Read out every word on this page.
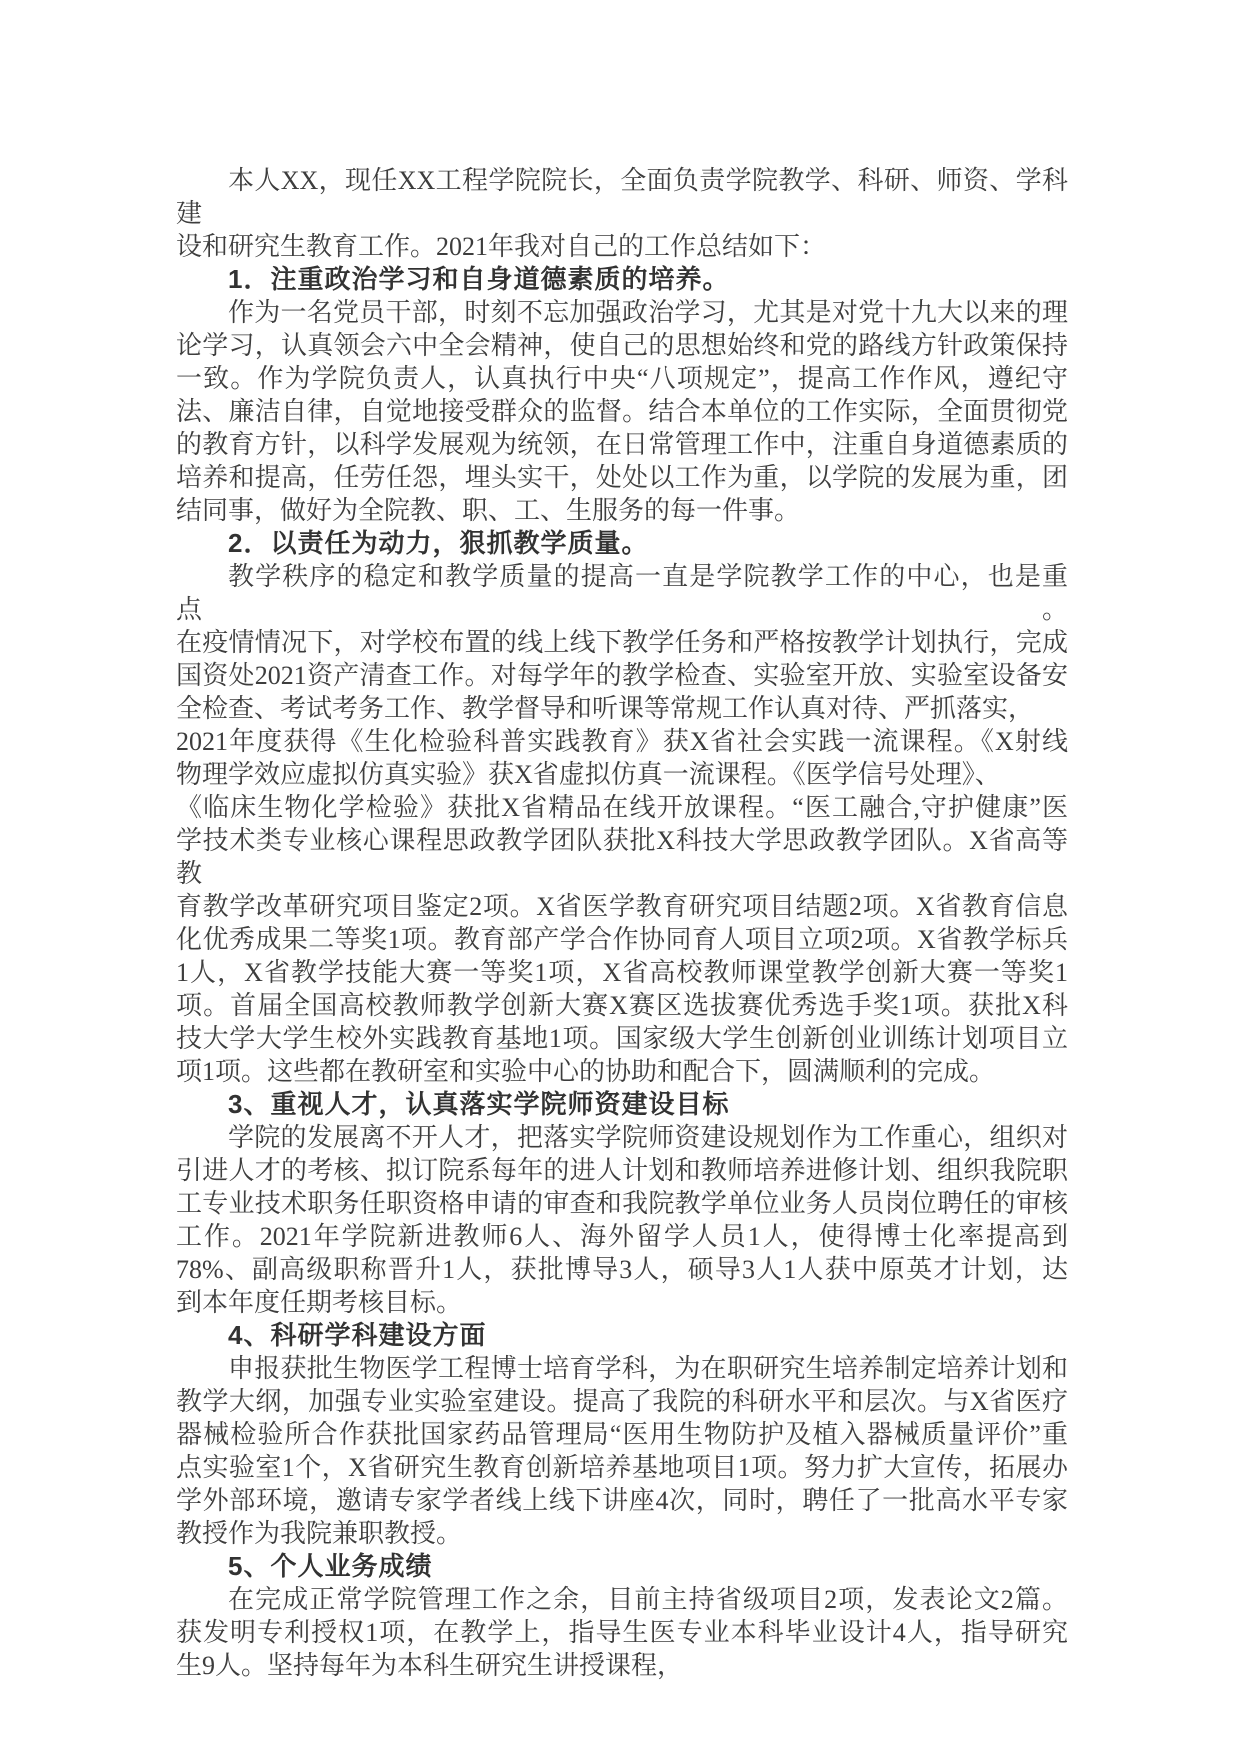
本人XX，现任XX工程学院院长，全面负责学院教学、科研、师资、学科建
设和研究生教育工作。2021年我对自己的工作总结如下：
1．注重政治学习和自身道德素质的培养。
作为一名党员干部，时刻不忘加强政治学习，尤其是对党十九大以来的理
论学习，认真领会六中全会精神，使自己的思想始终和党的路线方针政策保持
一致。作为学院负责人，认真执行中央“八项规定”，提高工作作风，遵纪守
法、廉洁自律，自觉地接受群众的监督。结合本单位的工作实际，全面贯彻党
的教育方针，以科学发展观为统领，在日常管理工作中，注重自身道德素质的
培养和提高，任劳任怨，埋头实干，处处以工作为重，以学院的发展为重，团
结同事，做好为全院教、职、工、生服务的每一件事。
2．以责任为动力，狠抓教学质量。
教学秩序的稳定和教学质量的提高一直是学院教学工作的中心，也是重点。
在疫情情况下，对学校布置的线上线下教学任务和严格按教学计划执行，完成
国资处2021资产清查工作。对每学年的教学检查、实验室开放、实验室设备安
全检查、考试考务工作、教学督导和听课等常规工作认真对待、严抓落实，
2021年度获得《生化检验科普实践教育》获X省社会实践一流课程。《X射线
物理学效应虚拟仿真实验》获X省虚拟仿真一流课程。《医学信号处理》、
《临床生物化学检验》获批X省精品在线开放课程。“医工融合,守护健康”医
学技术类专业核心课程思政教学团队获批X科技大学思政教学团队。X省高等教
育教学改革研究项目鉴定2项。X省医学教育研究项目结题2项。X省教育信息
化优秀成果二等奖1项。教育部产学合作协同育人项目立项2项。X省教学标兵
1人，X省教学技能大赛一等奖1项，X省高校教师课堂教学创新大赛一等奖1
项。首届全国高校教师教学创新大赛X赛区选拔赛优秀选手奖1项。获批X科
技大学大学生校外实践教育基地1项。国家级大学生创新创业训练计划项目立
项1项。这些都在教研室和实验中心的协助和配合下，圆满顺利的完成。
3、重视人才，认真落实学院师资建设目标
学院的发展离不开人才，把落实学院师资建设规划作为工作重心，组织对
引进人才的考核、拟订院系每年的进人计划和教师培养进修计划、组织我院职
工专业技术职务任职资格申请的审查和我院教学单位业务人员岗位聘任的审核
工作。2021年学院新进教师6人、海外留学人员1人，使得博士化率提高到
78%、副高级职称晋升1人，获批博导3人，硕导3人1人获中原英才计划，达
到本年度任期考核目标。
4、科研学科建设方面
申报获批生物医学工程博士培育学科，为在职研究生培养制定培养计划和
教学大纲，加强专业实验室建设。提高了我院的科研水平和层次。与X省医疗
器械检验所合作获批国家药品管理局“医用生物防护及植入器械质量评价”重
点实验室1个，X省研究生教育创新培养基地项目1项。努力扩大宣传，拓展办
学外部环境，邀请专家学者线上线下讲座4次，同时，聘任了一批高水平专家
教授作为我院兼职教授。
5、个人业务成绩
在完成正常学院管理工作之余，目前主持省级项目2项，发表论文2篇。
获发明专利授权1项，在教学上，指导生医专业本科毕业设计4人，指导研究
生9人。坚持每年为本科生研究生讲授课程，
